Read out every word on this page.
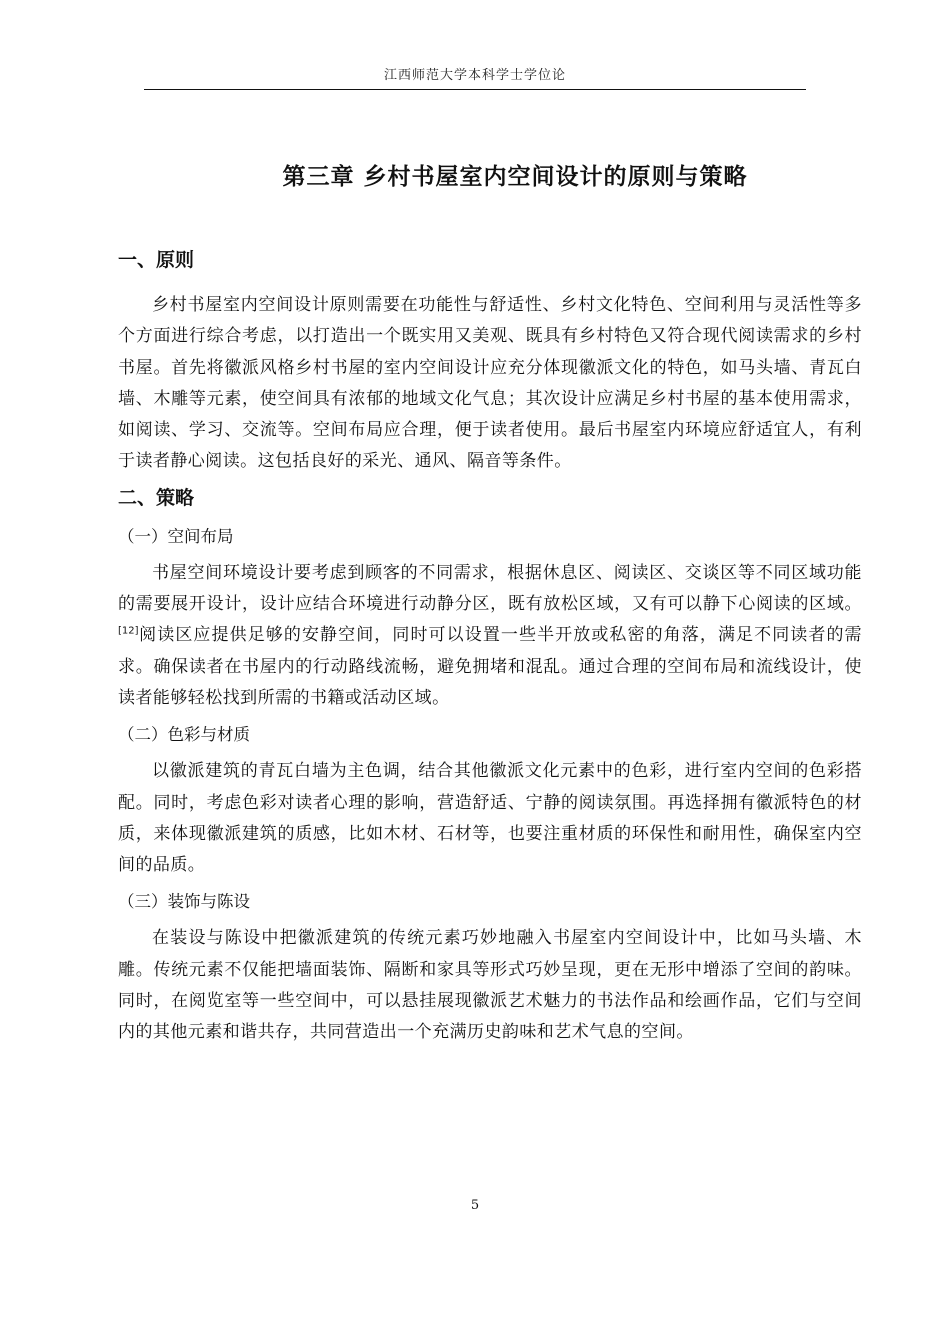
江西师范大学本科学士学位论
第三章 乡村书屋室内空间设计的原则与策略
一、原则

乡村书屋室内空间设计原则需要在功能性与舒适性、乡村文化特色、空间利用与灵活性等多个方面进行综合考虑，以打造出一个既实用又美观、既具有乡村特色又符合现代阅读需求的乡村书屋。首先将徽派风格乡村书屋的室内空间设计应充分体现徽派文化的特色，如马头墙、青瓦白墙、木雕等元素，使空间具有浓郁的地域文化气息；其次设计应满足乡村书屋的基本使用需求，如阅读、学习、交流等。空间布局应合理，便于读者使用。最后书屋室内环境应舒适宜人，有利于读者静心阅读。这包括良好的采光、通风、隔音等条件。

二、策略
（一）空间布局

书屋空间环境设计要考虑到顾客的不同需求，根据休息区、阅读区、交谈区等不同区域功能的需要展开设计，设计应结合环境进行动静分区，既有放松区域，又有可以静下心阅读的区域。[12]阅读区应提供足够的安静空间，同时可以设置一些半开放或私密的角落，满足不同读者的需求。确保读者在书屋内的行动路线流畅，避免拥堵和混乱。通过合理的空间布局和流线设计，使读者能够轻松找到所需的书籍或活动区域。

（二）色彩与材质

以徽派建筑的青瓦白墙为主色调，结合其他徽派文化元素中的色彩，进行室内空间的色彩搭配。同时，考虑色彩对读者心理的影响，营造舒适、宁静的阅读氛围。再选择拥有徽派特色的材质，来体现徽派建筑的质感，比如木材、石材等，也要注重材质的环保性和耐用性，确保室内空间的品质。

（三）装饰与陈设

在装设与陈设中把徽派建筑的传统元素巧妙地融入书屋室内空间设计中，比如马头墙、木雕。传统元素不仅能把墙面装饰、隔断和家具等形式巧妙呈现，更在无形中增添了空间的韵味。同时，在阅览室等一些空间中，可以悬挂展现徽派艺术魅力的书法作品和绘画作品，它们与空间内的其他元素和谐共存，共同营造出一个充满历史韵味和艺术气息的空间。

5
